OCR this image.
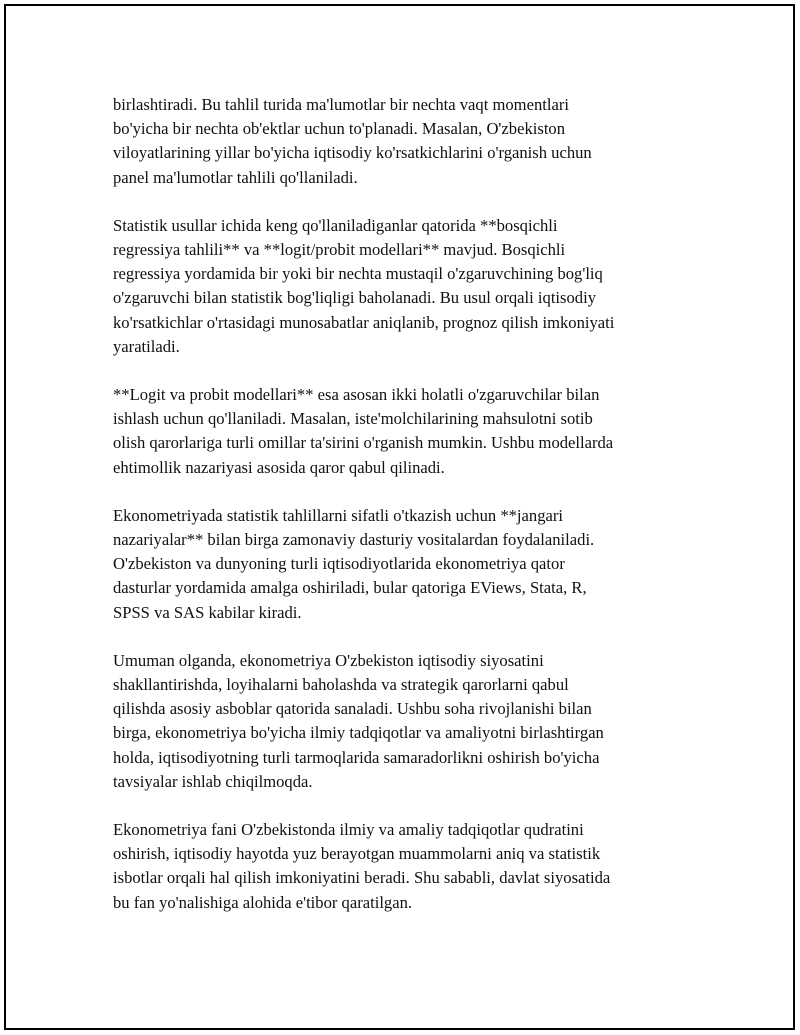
birlashtiradi. Bu tahlil turida ma'lumotlar bir nechta vaqt momentlari
bo'yicha bir nechta ob'ektlar uchun to'planadi. Masalan, O'zbekiston
viloyatlarining yillar bo'yicha iqtisodiy ko'rsatkichlarini o'rganish uchun
panel ma'lumotlar tahlili qo'llaniladi.

Statistik usullar ichida keng qo'llaniladiganlar qatorida **bosqichli
regressiya tahlili** va **logit/probit modellari** mavjud. Bosqichli
regressiya yordamida bir yoki bir nechta mustaqil o'zgaruvchining bog'liq
o'zgaruvchi bilan statistik bog'liqligi baholanadi. Bu usul orqali iqtisodiy
ko'rsatkichlar o'rtasidagi munosabatlar aniqlanib, prognoz qilish imkoniyati
yaratiladi.

**Logit va probit modellari** esa asosan ikki holatli o'zgaruvchilar bilan
ishlash uchun qo'llaniladi. Masalan, iste'molchilarining mahsulotni sotib
olish qarorlariga turli omillar ta'sirini o'rganish mumkin. Ushbu modellarda
ehtimollik nazariyasi asosida qaror qabul qilinadi.

Ekonometriyada statistik tahlillarni sifatli o'tkazish uchun **jangari
nazariyalar** bilan birga zamonaviy dasturiy vositalardan foydalaniladi.
O'zbekiston va dunyoning turli iqtisodiyotlarida ekonometriya qator
dasturlar yordamida amalga oshiriladi, bular qatoriga EViews, Stata, R,
SPSS va SAS kabilar kiradi.

Umuman olganda, ekonometriya O'zbekiston iqtisodiy siyosatini
shakllantirishda, loyihalarni baholashda va strategik qarorlarni qabul
qilishda asosiy asboblar qatorida sanaladi. Ushbu soha rivojlanishi bilan
birga, ekonometriya bo'yicha ilmiy tadqiqotlar va amaliyotni birlashtirgan
holda, iqtisodiyotning turli tarmoqlarida samaradorlikni oshirish bo'yicha
tavsiyalar ishlab chiqilmoqda.

Ekonometriya fani O'zbekistonda ilmiy va amaliy tadqiqotlar qudratini
oshirish, iqtisodiy hayotda yuz berayotgan muammolarni aniq va statistik
isbotlar orqali hal qilish imkoniyatini beradi. Shu sababli, davlat siyosatida
bu fan yo'nalishiga alohida e'tibor qaratilgan.
